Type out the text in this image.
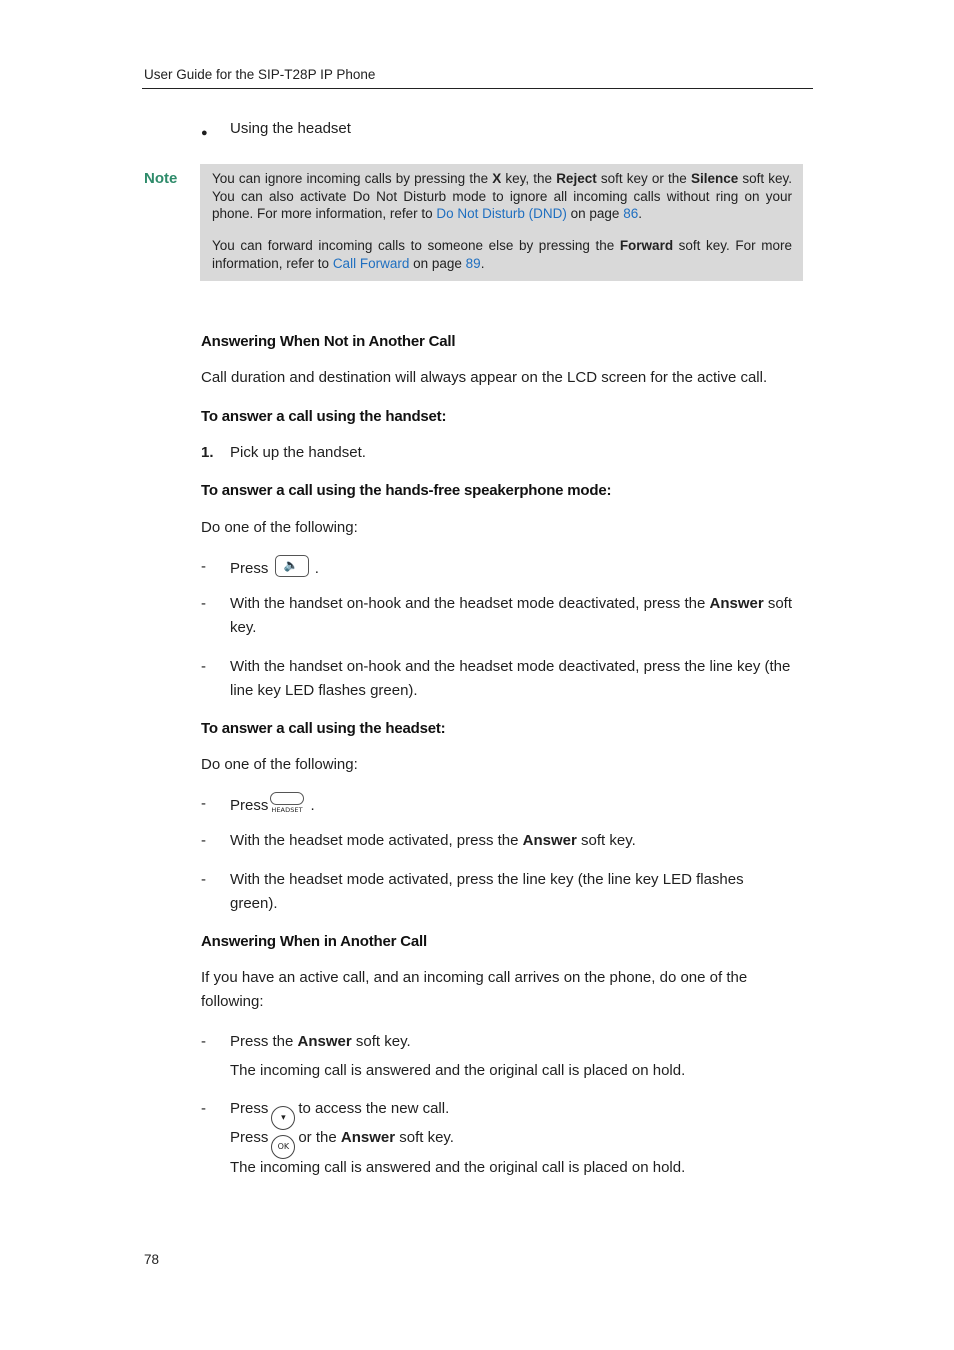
User Guide for the SIP-T28P IP Phone
● Using the headset
Note	You can ignore incoming calls by pressing the X key, the Reject soft key or the Silence soft key. You can also activate Do Not Disturb mode to ignore all incoming calls without ring on your phone. For more information, refer to Do Not Disturb (DND) on page 86.
You can forward incoming calls to someone else by pressing the Forward soft key. For more information, refer to Call Forward on page 89.
Answering When Not in Another Call
Call duration and destination will always appear on the LCD screen for the active call.
To answer a call using the handset:
1. Pick up the handset.
To answer a call using the hands-free speakerphone mode:
Do one of the following:
- Press 🔈 .
- With the handset on-hook and the headset mode deactivated, press the Answer soft key.
- With the handset on-hook and the headset mode deactivated, press the line key (the line key LED flashes green).
To answer a call using the headset:
Do one of the following:
- Press HEADSET .
- With the headset mode activated, press the Answer soft key.
- With the headset mode activated, press the line key (the line key LED flashes green).
Answering When in Another Call
If you have an active call, and an incoming call arrives on the phone, do one of the following:
- Press the Answer soft key.
The incoming call is answered and the original call is placed on hold.
- Press▾to access the new call.
PressOKor the Answer soft key.
The incoming call is answered and the original call is placed on hold.
78
